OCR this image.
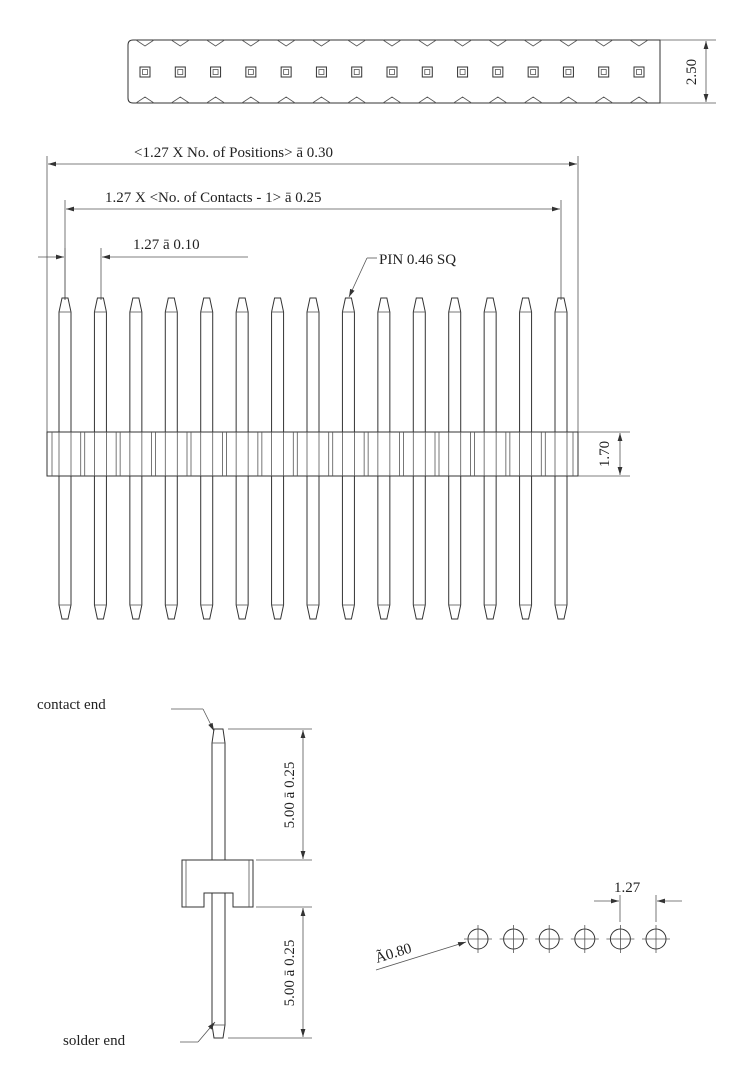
2.50
<1.27 X No. of Positions> ā 0.30
1.27 X <No. of Contacts - 1> ā 0.25
1.27 ā 0.10
PIN 0.46 SQ
1.70
contact end
5.00 ā 0.25
5.00 ā 0.25
solder end
Ã0.80
1.27
